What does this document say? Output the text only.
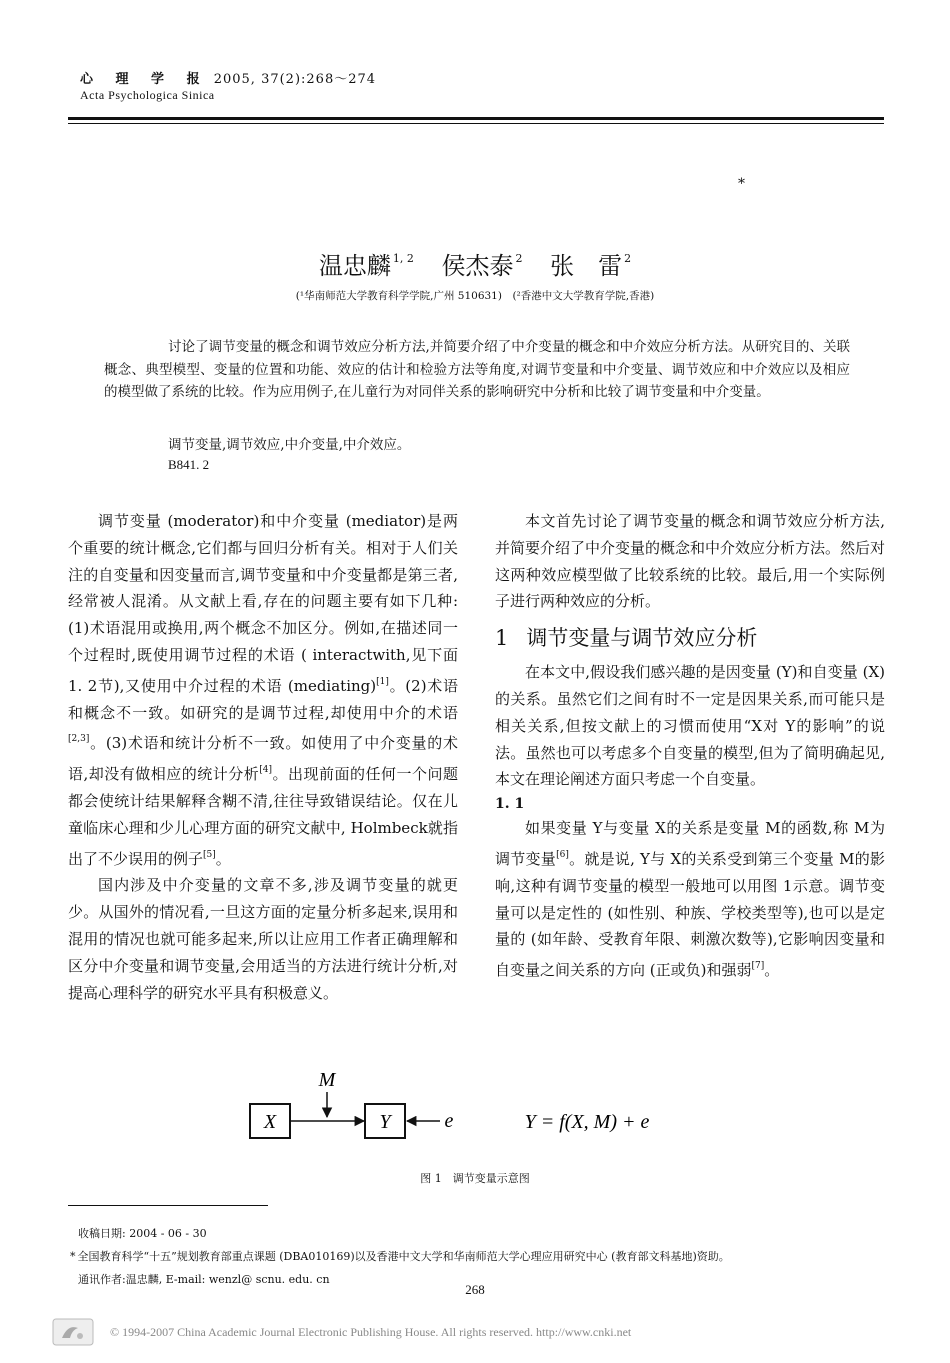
心 理 学 报 2005, 37(2):268～274
Acta Psychologica Sinica
*
温忠麟 $^{1, 2}$ 侯杰泰 $^2$ 张　雷 $^2$
(¹华南师范大学教育科学学院,广州 510631)　(²香港中文大学教育学院,香港)
讨论了调节变量的概念和调节效应分析方法,并简要介绍了中介变量的概念和中介效应分析方法。从研究目的、关联概念、典型模型、变量的位置和功能、效应的估计和检验方法等角度,对调节变量和中介变量、调节效应和中介效应以及相应的模型做了系统的比较。作为应用例子,在儿童行为对同伴关系的影响研究中分析和比较了调节变量和中介变量。
调节变量,调节效应,中介变量,中介效应。
B841. 2

调节变量 (moderator)和中介变量 (mediator)是两个重要的统计概念,它们都与回归分析有关。相对于人们关注的自变量和因变量而言,调节变量和中介变量都是第三者,经常被人混淆。从文献上看,存在的问题主要有如下几种: (1)术语混用或换用,两个概念不加区分。例如,在描述同一个过程时,既使用调节过程的术语 ( interactwith,见下面 1. 2节),又使用中介过程的术语 (mediating)[1]。(2)术语和概念不一致。如研究的是调节过程,却使用中介的术语[2,3]。(3)术语和统计分析不一致。如使用了中介变量的术语,却没有做相应的统计分析[4]。出现前面的任何一个问题都会使统计结果解释含糊不清,往往导致错误结论。仅在儿童临床心理和少儿心理方面的研究文献中, Holmbeck就指出了不少误用的例子[5]。

国内涉及中介变量的文章不多,涉及调节变量的就更少。从国外的情况看,一旦这方面的定量分析多起来,误用和混用的情况也就可能多起来,所以让应用工作者正确理解和区分中介变量和调节变量,会用适当的方法进行统计分析,对提高心理科学的研究水平具有积极意义。

本文首先讨论了调节变量的概念和调节效应分析方法,并简要介绍了中介变量的概念和中介效应分析方法。然后对这两种效应模型做了比较系统的比较。最后,用一个实际例子进行两种效应的分析。

1 调节变量与调节效应分析

在本文中,假设我们感兴趣的是因变量 (Y)和自变量 (X)的关系。虽然它们之间有时不一定是因果关系,而可能只是相关关系,但按文献上的习惯而使用“X对 Y的影响”的说法。虽然也可以考虑多个自变量的模型,但为了简明确起见,本文在理论阐述方面只考虑一个自变量。

1. 1

如果变量 Y与变量 X的关系是变量 M的函数,称 M为调节变量[6]。就是说, Y与 X的关系受到第三个变量 M的影响,这种有调节变量的模型一般地可以用图 1示意。调节变量可以是定性的 (如性别、种族、学校类型等),也可以是定量的 (如年龄、受教育年限、刺激次数等),它影响因变量和自变量之间关系的方向 (正或负)和强弱[7]。

M
X	Y	e	Y = f(X, M) + e
图 1　调节变量示意图
收稿日期: 2004 - 06 - 30
* 全国教育科学“十五”规划教育部重点课题 (DBA010169)以及香港中文大学和华南师范大学心理应用研究中心 (教育部文科基地)资助。
通讯作者:温忠麟, E-mail: wenzl@ scnu. edu. cn
268
© 1994-2007 China Academic Journal Electronic Publishing House. All rights reserved. http://www.cnki.net
